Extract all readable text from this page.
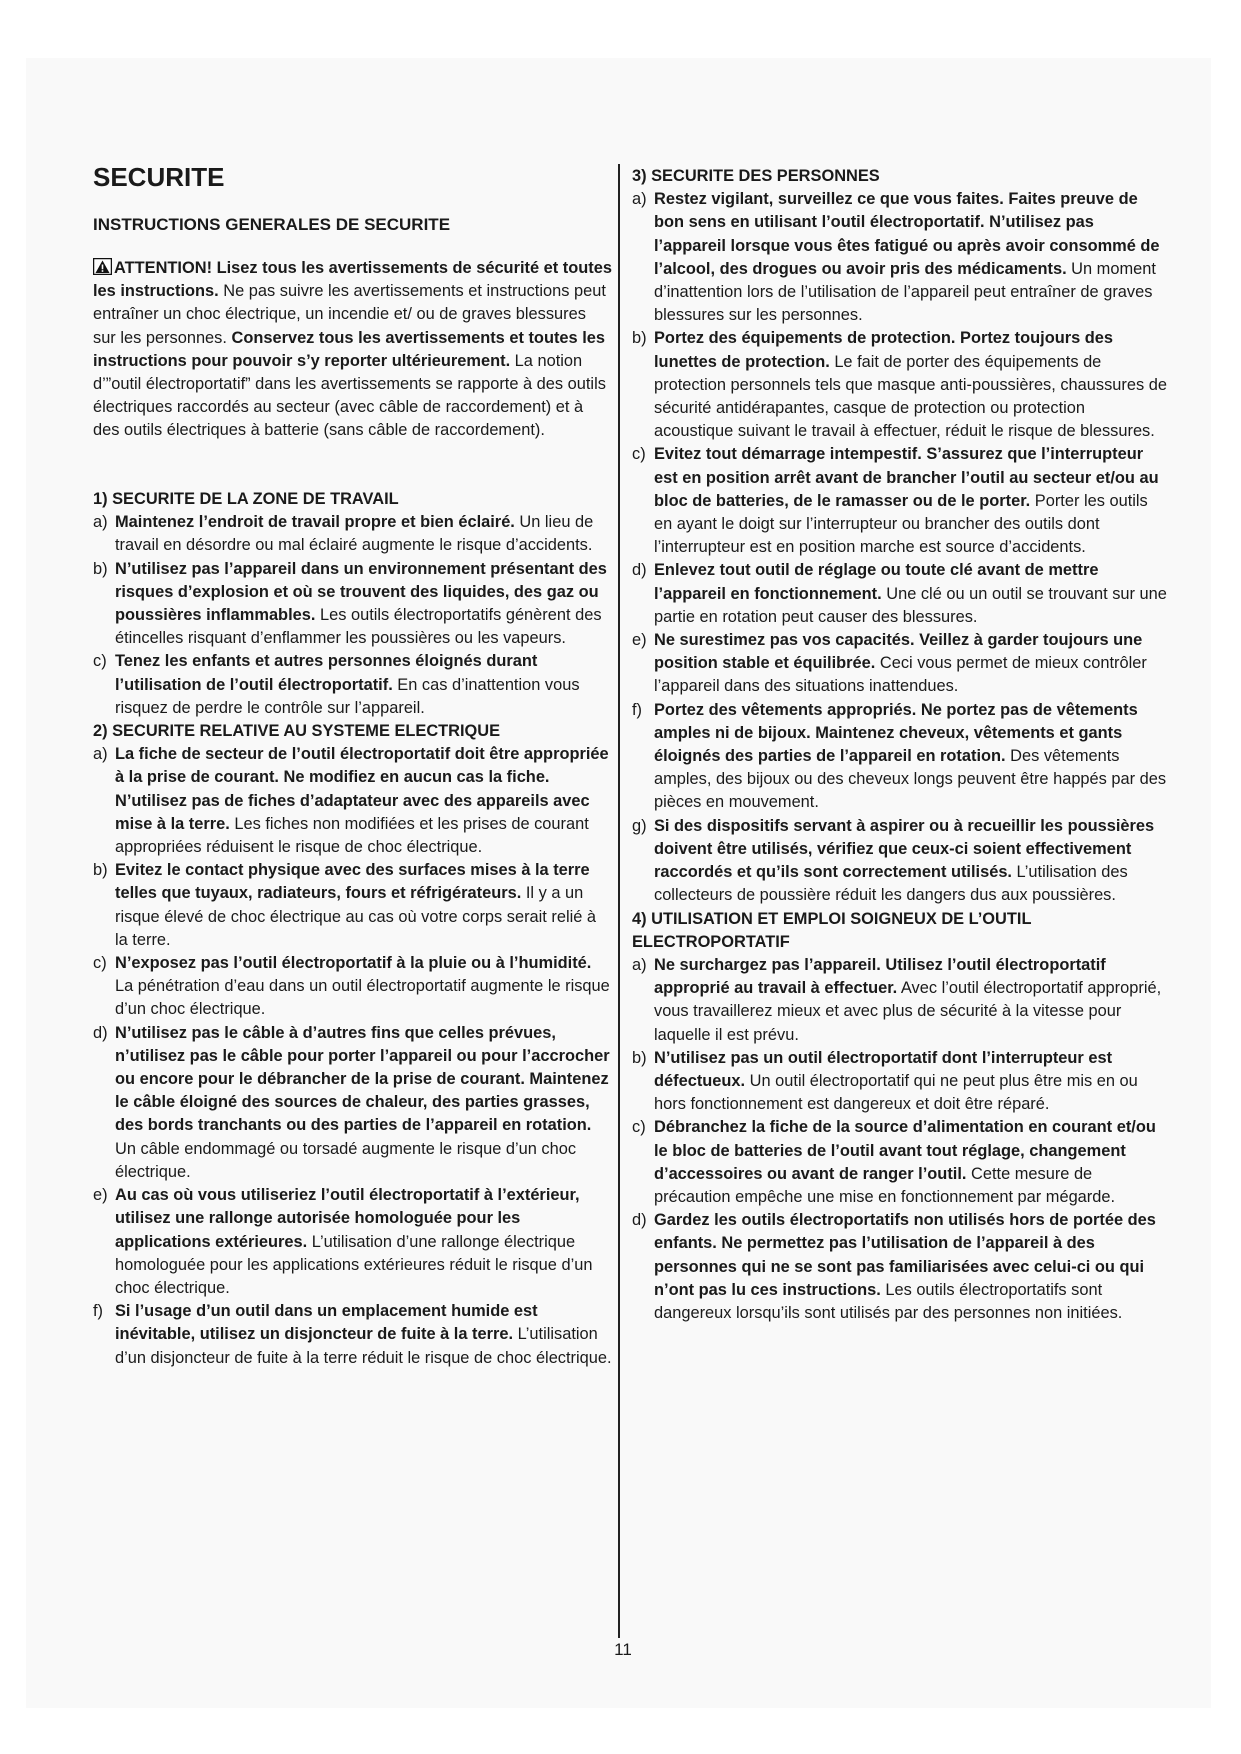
SECURITE
INSTRUCTIONS GENERALES DE SECURITE

ATTENTION! Lisez tous les avertissements de sécurité et toutes les instructions. Ne pas suivre les avertissements et instructions peut entraîner un choc électrique, un incendie et/ ou de graves blessures sur les personnes. Conservez tous les avertissements et toutes les instructions pour pouvoir s’y reporter ultérieurement. La notion d’”outil électroportatif” dans les avertissements se rapporte à des outils électriques raccordés au secteur (avec câble de raccordement) et à des outils électriques à batterie (sans câble de raccordement).

1) SECURITE DE LA ZONE DE TRAVAIL

a) Maintenez l’endroit de travail propre et bien éclairé. Un lieu de travail en désordre ou mal éclairé augmente le risque d’accidents.

b) N’utilisez pas l’appareil dans un environnement présentant des risques d’explosion et où se trouvent des liquides, des gaz ou poussières inflammables. Les outils électroportatifs génèrent des étincelles risquant d’enflammer les poussières ou les vapeurs.

c) Tenez les enfants et autres personnes éloignés durant l’utilisation de l’outil électroportatif. En cas d’inattention vous risquez de perdre le contrôle sur l’appareil.

2) SECURITE RELATIVE AU SYSTEME ELECTRIQUE

a) La fiche de secteur de l’outil électroportatif doit être appropriée à la prise de courant. Ne modifiez en aucun cas la fiche. N’utilisez pas de fiches d’adaptateur avec des appareils avec mise à la terre. Les fiches non modifiées et les prises de courant appropriées réduisent le risque de choc électrique.

b) Evitez le contact physique avec des surfaces mises à la terre telles que tuyaux, radiateurs, fours et réfrigérateurs. Il y a un risque élevé de choc électrique au cas où votre corps serait relié à la terre.

c) N’exposez pas l’outil électroportatif à la pluie ou à l’humidité. La pénétration d’eau dans un outil électroportatif augmente le risque d’un choc électrique.

d) N’utilisez pas le câble à d’autres fins que celles prévues, n’utilisez pas le câble pour porter l’appareil ou pour l’accrocher ou encore pour le débrancher de la prise de courant. Maintenez le câble éloigné des sources de chaleur, des parties grasses, des bords tranchants ou des parties de l’appareil en rotation. Un câble endommagé ou torsadé augmente le risque d’un choc électrique.

e) Au cas où vous utiliseriez l’outil électroportatif à l’extérieur, utilisez une rallonge autorisée homologuée pour les applications extérieures. L’utilisation d’une rallonge électrique homologuée pour les applications extérieures réduit le risque d’un choc électrique.

f) Si l’usage d’un outil dans un emplacement humide est inévitable, utilisez un disjoncteur de fuite à la terre. L’utilisation d’un disjoncteur de fuite à la terre réduit le risque de choc électrique.

3) SECURITE DES PERSONNES

a) Restez vigilant, surveillez ce que vous faites. Faites preuve de bon sens en utilisant l’outil électroportatif. N’utilisez pas l’appareil lorsque vous êtes fatigué ou après avoir consommé de l’alcool, des drogues ou avoir pris des médicaments. Un moment d’inattention lors de l’utilisation de l’appareil peut entraîner de graves blessures sur les personnes.

b) Portez des équipements de protection. Portez toujours des lunettes de protection. Le fait de porter des équipements de protection personnels tels que masque anti-poussières, chaussures de sécurité antidérapantes, casque de protection ou protection acoustique suivant le travail à effectuer, réduit le risque de blessures.

c) Evitez tout démarrage intempestif. S’assurez que l’interrupteur est en position arrêt avant de brancher l’outil au secteur et/ou au bloc de batteries, de le ramasser ou de le porter. Porter les outils en ayant le doigt sur l’interrupteur ou brancher des outils dont l’interrupteur est en position marche est source d’accidents.

d) Enlevez tout outil de réglage ou toute clé avant de mettre l’appareil en fonctionnement. Une clé ou un outil se trouvant sur une partie en rotation peut causer des blessures.

e) Ne surestimez pas vos capacités. Veillez à garder toujours une position stable et équilibrée. Ceci vous permet de mieux contrôler l’appareil dans des situations inattendues.

f) Portez des vêtements appropriés. Ne portez pas de vêtements amples ni de bijoux. Maintenez cheveux, vêtements et gants éloignés des parties de l’appareil en rotation. Des vêtements amples, des bijoux ou des cheveux longs peuvent être happés par des pièces en mouvement.

g) Si des dispositifs servant à aspirer ou à recueillir les poussières doivent être utilisés, vérifiez que ceux-ci soient effectivement raccordés et qu’ils sont correctement utilisés. L’utilisation des collecteurs de poussière réduit les dangers dus aux poussières.

4) UTILISATION ET EMPLOI SOIGNEUX DE L’OUTIL ELECTROPORTATIF

a) Ne surchargez pas l’appareil. Utilisez l’outil électroportatif approprié au travail à effectuer. Avec l’outil électroportatif approprié, vous travaillerez mieux et avec plus de sécurité à la vitesse pour laquelle il est prévu.

b) N’utilisez pas un outil électroportatif dont l’interrupteur est défectueux. Un outil électroportatif qui ne peut plus être mis en ou hors fonctionnement est dangereux et doit être réparé.

c) Débranchez la fiche de la source d’alimentation en courant et/ou le bloc de batteries de l’outil avant tout réglage, changement d’accessoires ou avant de ranger l’outil. Cette mesure de précaution empêche une mise en fonctionnement par mégarde.

d) Gardez les outils électroportatifs non utilisés hors de portée des enfants. Ne permettez pas l’utilisation de l’appareil à des personnes qui ne se sont pas familiarisées avec celui-ci ou qui n’ont pas lu ces instructions. Les outils électroportatifs sont dangereux lorsqu’ils sont utilisés par des personnes non initiées.

11
